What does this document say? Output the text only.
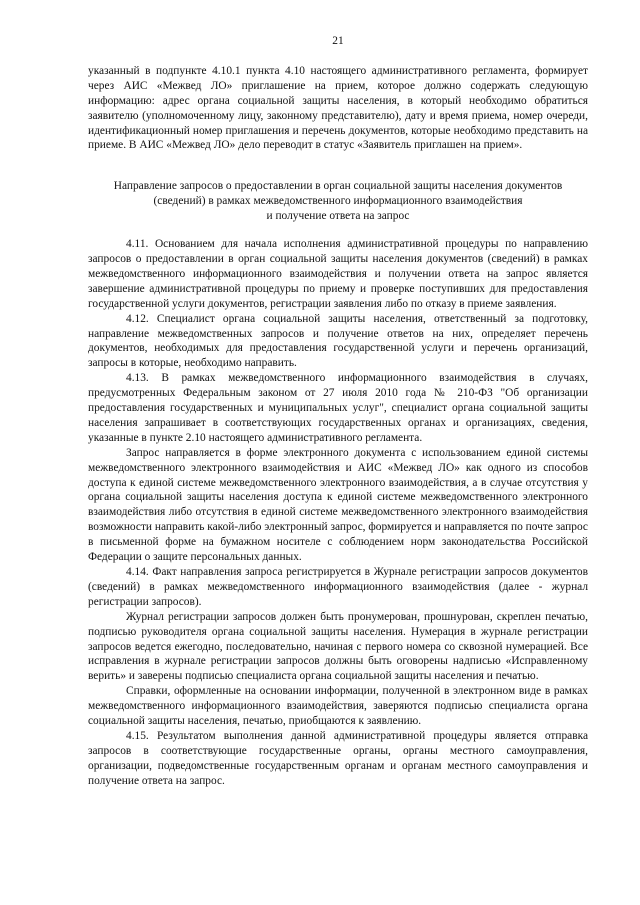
21

указанный в подпункте 4.10.1 пункта 4.10 настоящего административного регламента, формирует через АИС «Межвед ЛО» приглашение на прием, которое должно содержать следующую информацию: адрес органа социальной защиты населения, в который необходимо обратиться заявителю (уполномоченному лицу, законному представителю), дату и время приема, номер очереди, идентификационный номер приглашения и перечень документов, которые необходимо представить на приеме. В АИС «Межвед ЛО» дело переводит в статус «Заявитель приглашен на прием».

Направление запросов о предоставлении в орган социальной защиты населения документов
(сведений) в рамках межведомственного информационного взаимодействия
и получение ответа на запрос

4.11. Основанием для начала исполнения административной процедуры по направлению запросов о предоставлении в орган социальной защиты населения документов (сведений) в рамках межведомственного информационного взаимодействия и получении ответа на запрос является завершение административной процедуры по приему и проверке поступивших для предоставления государственной услуги документов, регистрации заявления либо по отказу в приеме заявления.

4.12. Специалист органа социальной защиты населения, ответственный за подготовку, направление межведомственных запросов и получение ответов на них, определяет перечень документов, необходимых для предоставления государственной услуги и перечень организаций, запросы в которые, необходимо направить.

4.13. В рамках межведомственного информационного взаимодействия в случаях, предусмотренных Федеральным законом от 27 июля 2010 года № 210-ФЗ "Об организации предоставления государственных и муниципальных услуг", специалист органа социальной защиты населения запрашивает в соответствующих государственных органах и организациях, сведения, указанные в пункте 2.10 настоящего административного регламента.

Запрос направляется в форме электронного документа с использованием единой системы межведомственного электронного взаимодействия и АИС «Межвед ЛО» как одного из способов доступа к единой системе межведомственного электронного взаимодействия, а в случае отсутствия у органа социальной защиты населения доступа к единой системе межведомственного электронного взаимодействия либо отсутствия в единой системе межведомственного электронного взаимодействия возможности направить какой-либо электронный запрос, формируется и направляется по почте запрос в письменной форме на бумажном носителе с соблюдением норм законодательства Российской Федерации о защите персональных данных.

4.14. Факт направления запроса регистрируется в Журнале регистрации запросов документов (сведений) в рамках межведомственного информационного взаимодействия (далее - журнал регистрации запросов).

Журнал регистрации запросов должен быть пронумерован, прошнурован, скреплен печатью, подписью руководителя органа социальной защиты населения. Нумерация в журнале регистрации запросов ведется ежегодно, последовательно, начиная с первого номера со сквозной нумерацией. Все исправления в журнале регистрации запросов должны быть оговорены надписью «Исправленному верить» и заверены подписью специалиста органа социальной защиты населения и печатью.

Справки, оформленные на основании информации, полученной в электронном виде в рамках межведомственного информационного взаимодействия, заверяются подписью специалиста органа социальной защиты населения, печатью, приобщаются к заявлению.

4.15. Результатом выполнения данной административной процедуры является отправка запросов в соответствующие государственные органы, органы местного самоуправления, организации, подведомственные государственным органам и органам местного самоуправления и получение ответа на запрос.
